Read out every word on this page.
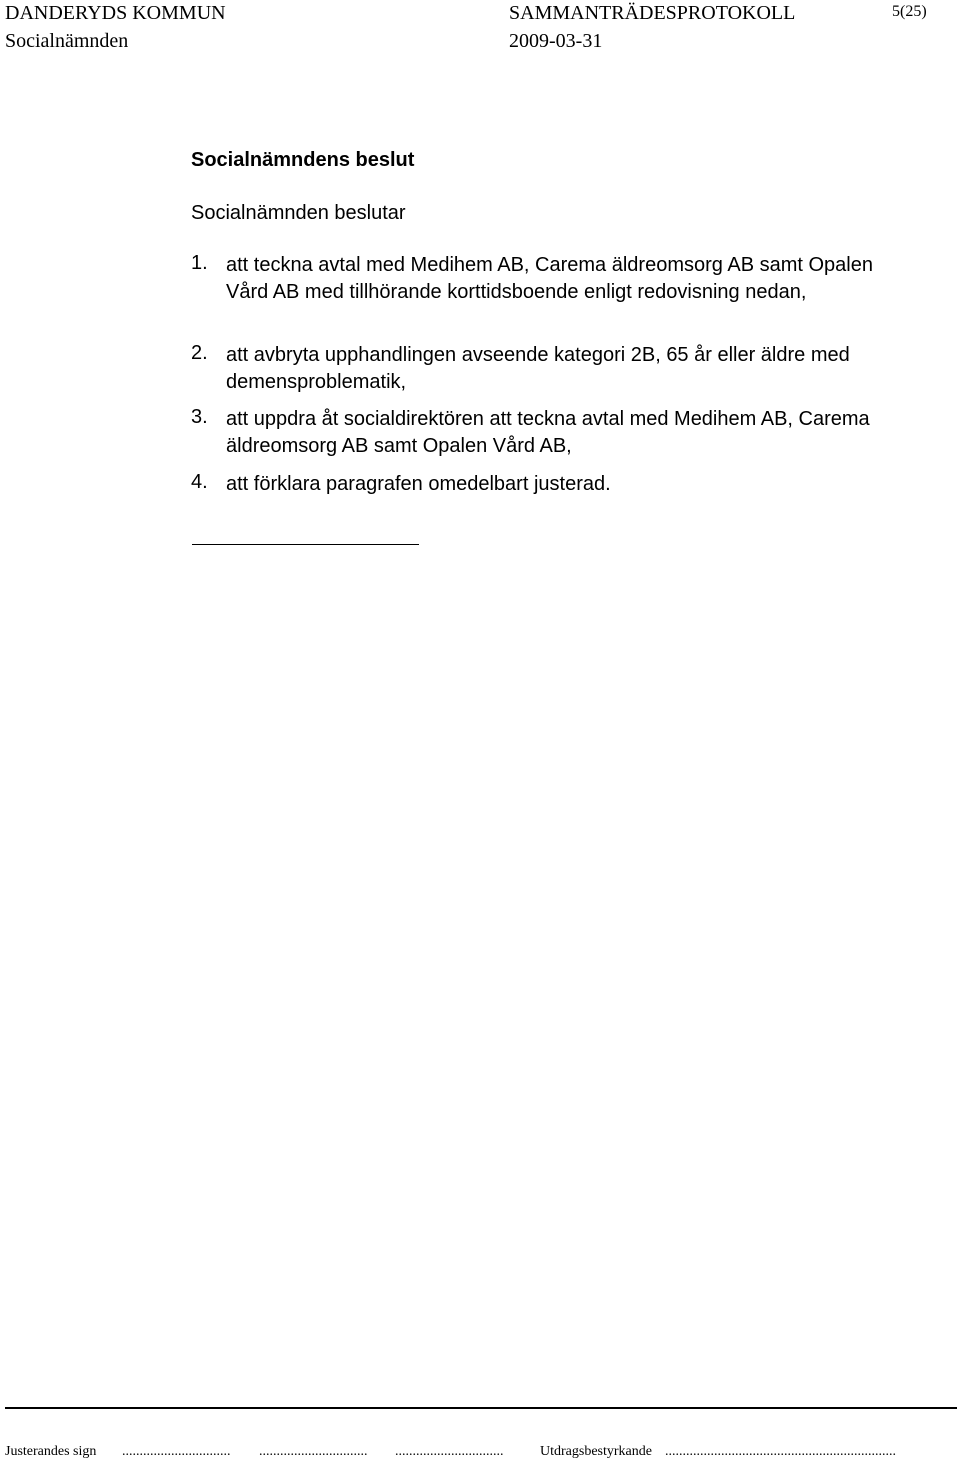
DANDERYDS KOMMUN
Socialnämnden
SAMMANTRÄDESPROTOKOLL
2009-03-31
5(25)
Socialnämndens beslut
Socialnämnden beslutar
1. att teckna avtal med Medihem AB, Carema äldreomsorg AB samt Opalen Vård AB med tillhörande korttidsboende enligt redovisning nedan,
2. att avbryta upphandlingen avseende kategori 2B, 65 år eller äldre med demensproblematik,
3. att uppdra åt socialdirektören att teckna avtal med Medihem AB, Carema äldreomsorg AB samt Opalen Vård AB,
4. att förklara paragrafen omedelbart justerad.
Justerandes sign ............................... ............................... ...............................	Utdragsbestyrkande ..................................................................
